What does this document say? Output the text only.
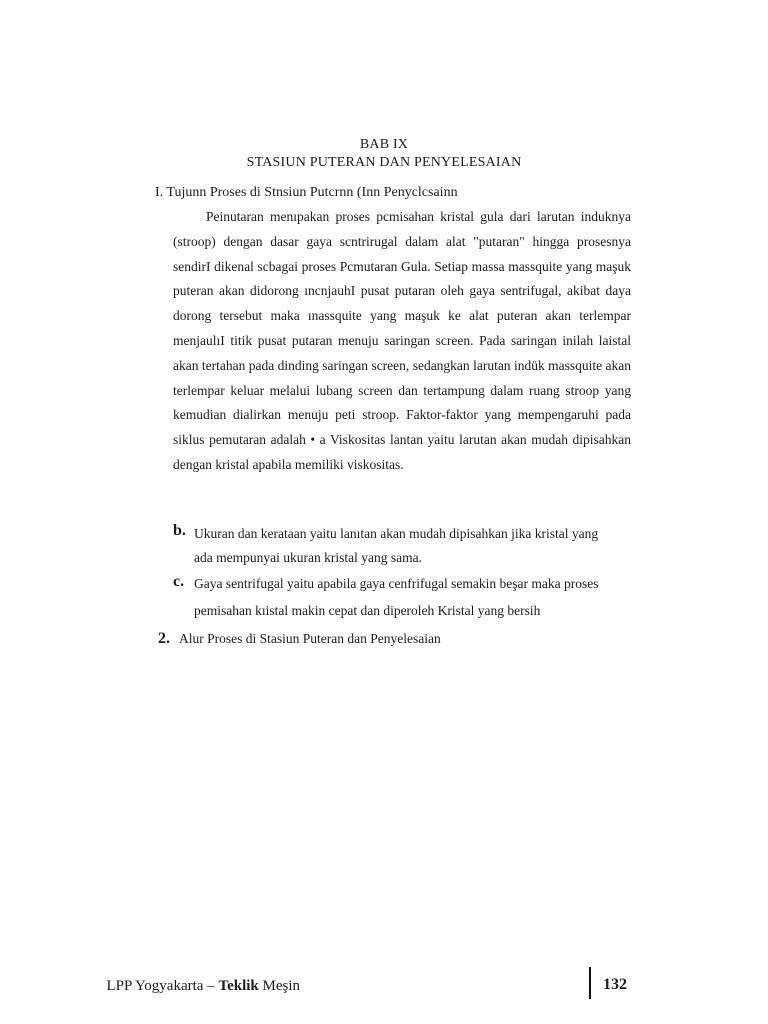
BAB IX
STASIUN PUTERAN DAN PENYELESAIAN
I. Tujunn Proses di Stnsiun Putcrnn (Inn Penyclcsainn

Pеinutaran menıpakan proses pcmisahan kristal gula dari larutan induknya (stroop) dengan dasar gaya scntrirugal dalam alat "putaran" hingga prosesnya sendirI dikenal scbagai proses Pcmutaran Gula. Setiap massa massquite yang maşuk puteran akan didorong ıncnjauhI pusat putaran oleh gaya sentrifugal, akibat daya dorong tersebut maka ınassquite yang maşuk ke alat puteran akan terlempar menjaulıI titik pusat putaran menuju saringan screen. Pada saringan inilah laistal akan tertahan pada dinding saringan screen, sedangkan larutan indük massquite akan terlempar keluar melalui lubang screen dan tertampung dalam ruang stroop yang kemudian dialirkan menuju peti stroop. Faktor-faktor yang mempengaruhi pada siklus pemutaran adalah • a Viskositas lantan yaitu larutan akan mudah dipisahkan dengan kristal apabila memiliki viskositas.

b. Ukuran dan kerataan yaitu lanıtan akan mudah dipisahkan jika kristal yang
ada mempunyai ukuran kristal yang sama.
c. Gaya sentrifugal yaitu apabila gaya cenfrifugal semakin beşar maka proses
pemisahan kıistal makin cepat dan diperoleh Kristal yang bersih
2. Alur Proses di Stasiun Puteran dan Penyelesaian
LPP Yogyakarta – Teklik Meşin	132
